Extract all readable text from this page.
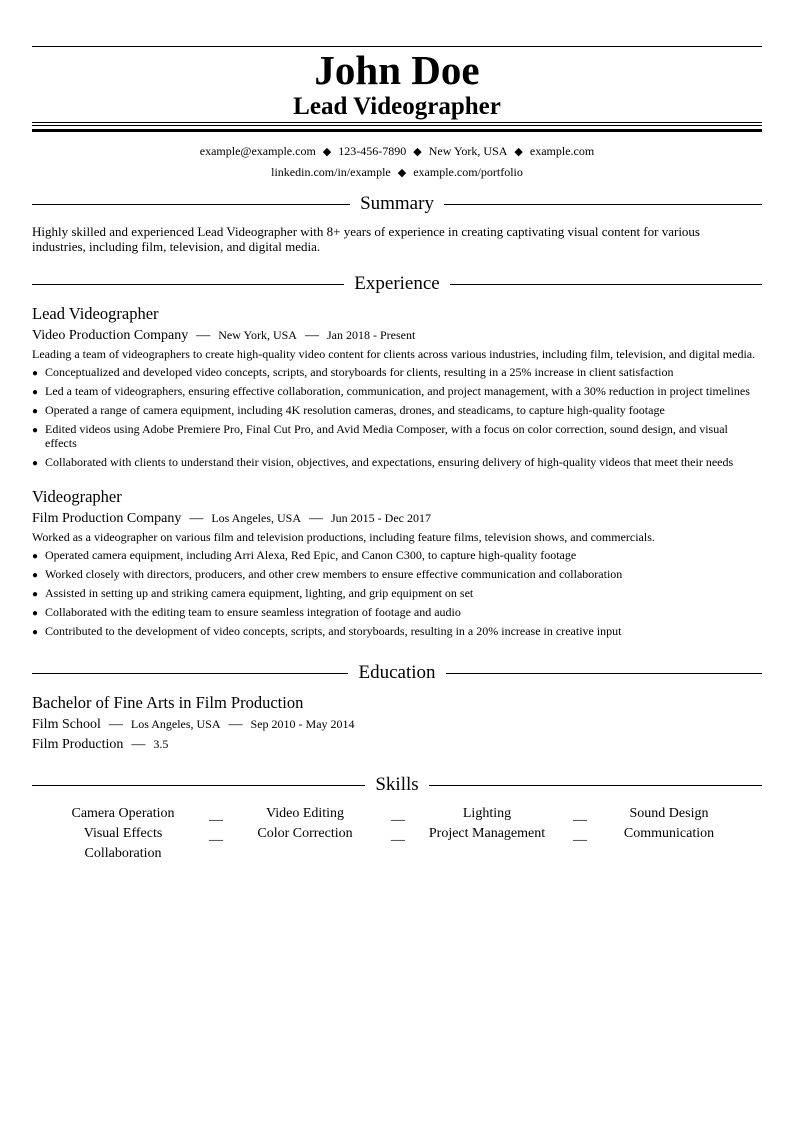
John Doe
Lead Videographer
example@example.com ◆ 123-456-7890 ◆ New York, USA ◆ example.com
linkedin.com/in/example ◆ example.com/portfolio
Summary
Highly skilled and experienced Lead Videographer with 8+ years of experience in creating captivating visual content for various industries, including film, television, and digital media.
Experience
Lead Videographer
Video Production Company — New York, USA — Jan 2018 - Present
Leading a team of videographers to create high-quality video content for clients across various industries, including film, television, and digital media.
● Conceptualized and developed video concepts, scripts, and storyboards for clients, resulting in a 25% increase in client satisfaction
● Led a team of videographers, ensuring effective collaboration, communication, and project management, with a 30% reduction in project timelines
● Operated a range of camera equipment, including 4K resolution cameras, drones, and steadicams, to capture high-quality footage
● Edited videos using Adobe Premiere Pro, Final Cut Pro, and Avid Media Composer, with a focus on color correction, sound design, and visual effects
● Collaborated with clients to understand their vision, objectives, and expectations, ensuring delivery of high-quality videos that meet their needs
Videographer
Film Production Company — Los Angeles, USA — Jun 2015 - Dec 2017
Worked as a videographer on various film and television productions, including feature films, television shows, and commercials.
● Operated camera equipment, including Arri Alexa, Red Epic, and Canon C300, to capture high-quality footage
● Worked closely with directors, producers, and other crew members to ensure effective communication and collaboration
● Assisted in setting up and striking camera equipment, lighting, and grip equipment on set
● Collaborated with the editing team to ensure seamless integration of footage and audio
● Contributed to the development of video concepts, scripts, and storyboards, resulting in a 20% increase in creative input
Education
Bachelor of Fine Arts in Film Production
Film School — Los Angeles, USA — Sep 2010 - May 2014
Film Production — 3.5
Skills
Camera Operation __	Video Editing	__	Lighting	__	Sound Design
Visual Effects	__	Color Correction	__	Project Management __	Communication
Collaboration
